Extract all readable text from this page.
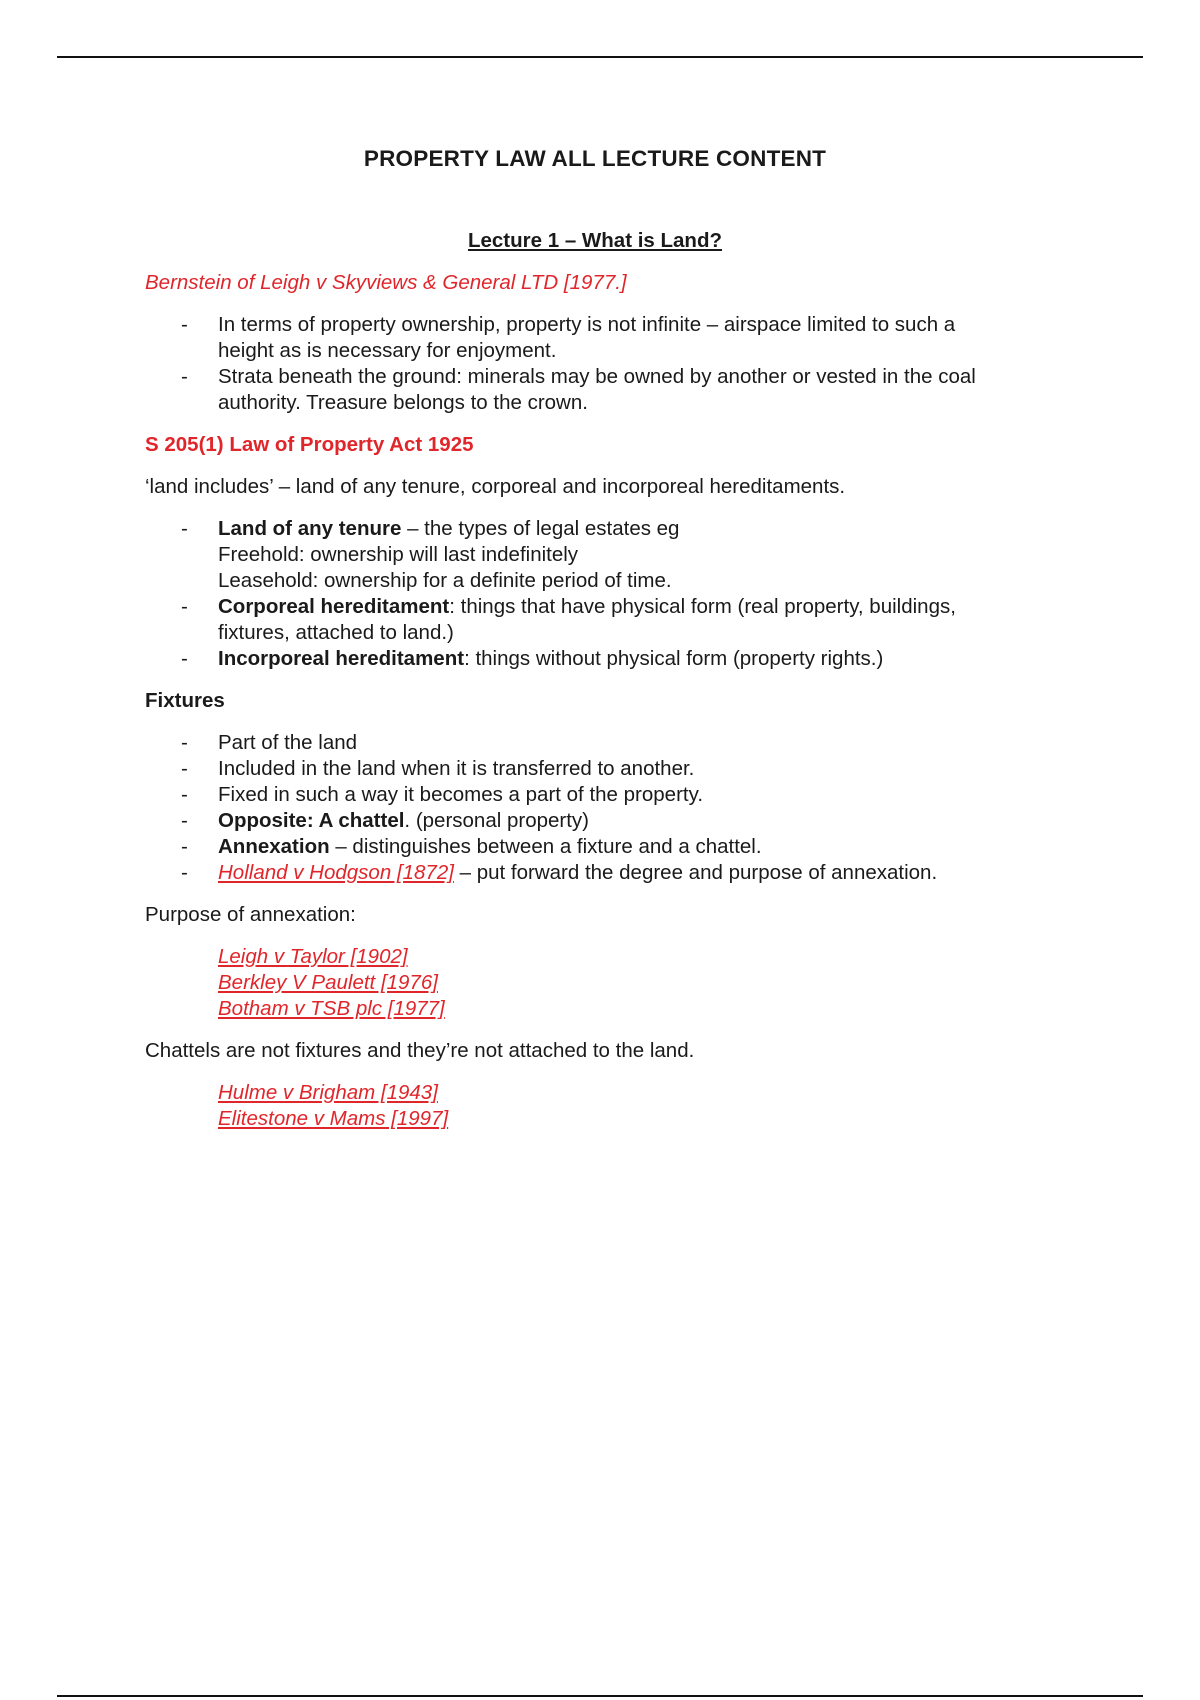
PROPERTY LAW ALL LECTURE CONTENT
Lecture 1 – What is Land?
Bernstein of Leigh v Skyviews & General LTD [1977.]
- In terms of property ownership, property is not infinite – airspace limited to such a
height as is necessary for enjoyment.
- Strata beneath the ground: minerals may be owned by another or vested in the coal
authority. Treasure belongs to the crown.
S 205(1) Law of Property Act 1925

‘land includes’ – land of any tenure, corporeal and incorporeal hereditaments.

- Land of any tenure – the types of legal estates eg
Freehold: ownership will last indefinitely
Leasehold: ownership for a definite period of time.
- Corporeal hereditament: things that have physical form (real property, buildings,
fixtures, attached to land.)
- Incorporeal hereditament: things without physical form (property rights.)
Fixtures
- Part of the land
- Included in the land when it is transferred to another.
- Fixed in such a way it becomes a part of the property.
- Opposite: A chattel. (personal property)
- Annexation – distinguishes between a fixture and a chattel.
- Holland v Hodgson [1872] – put forward the degree and purpose of annexation.

Purpose of annexation:

Leigh v Taylor [1902]
Berkley V Paulett [1976]
Botham v TSB plc [1977]

Chattels are not fixtures and they’re not attached to the land.

Hulme v Brigham [1943]
Elitestone v Mams [1997]
